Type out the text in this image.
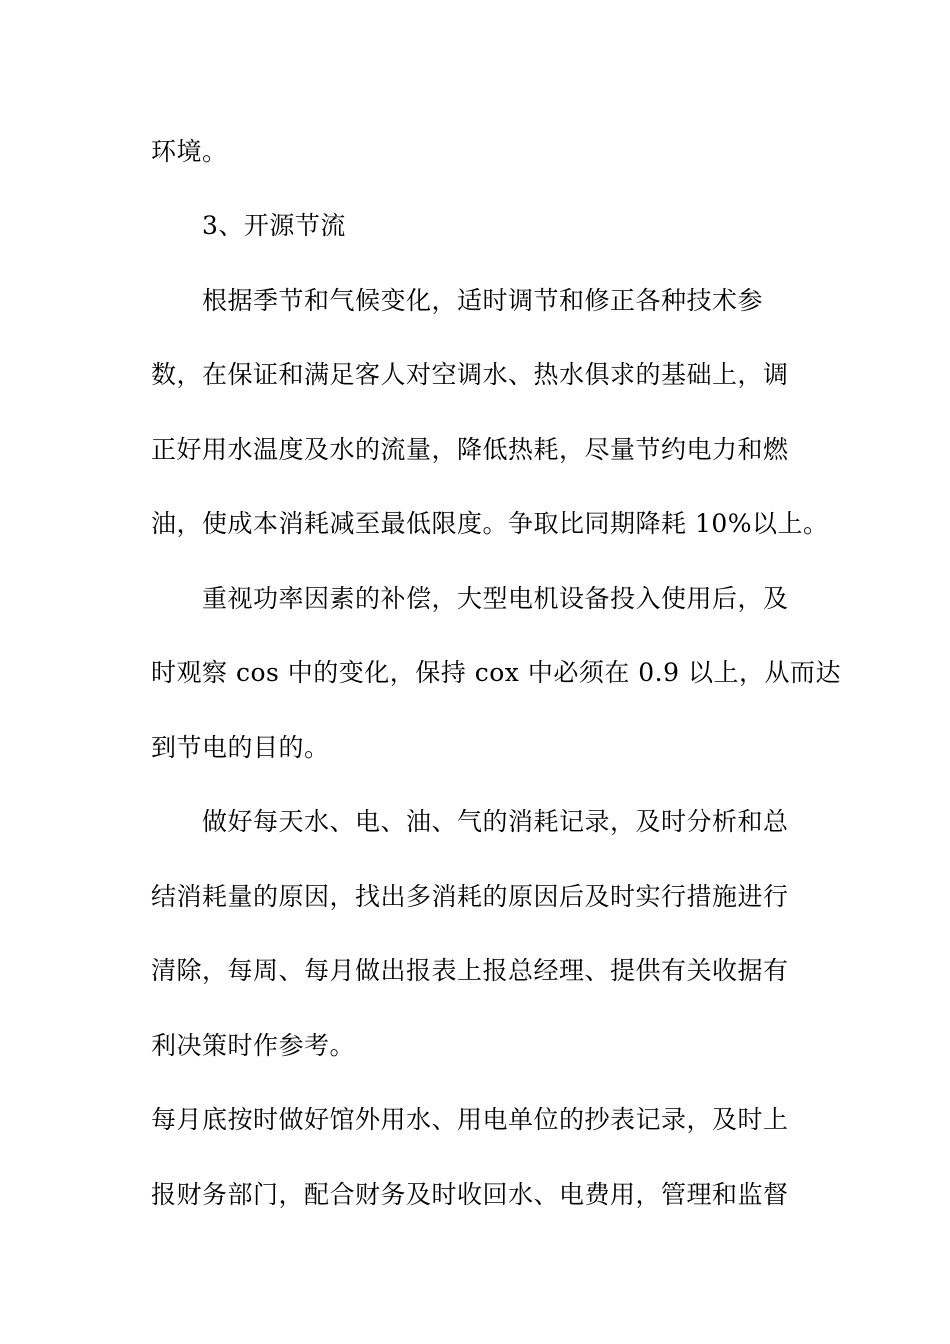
环境。
3、开源节流
根据季节和气候变化，适时调节和修正各种技术参
数，在保证和满足客人对空调水、热水俱求的基础上，调
正好用水温度及水的流量，降低热耗，尽量节约电力和燃
油，使成本消耗减至最低限度。争取比同期降耗 10%以上。
重视功率因素的补偿，大型电机设备投入使用后，及
时观察 cos 中的变化，保持 cox 中必须在 0.9 以上，从而达
到节电的目的。
做好每天水、电、油、气的消耗记录，及时分析和总
结消耗量的原因，找出多消耗的原因后及时实行措施进行
清除，每周、每月做出报表上报总经理、提供有关收据有
利决策时作参考。
每月底按时做好馆外用水、用电单位的抄表记录，及时上
报财务部门，配合财务及时收回水、电费用，管理和监督
